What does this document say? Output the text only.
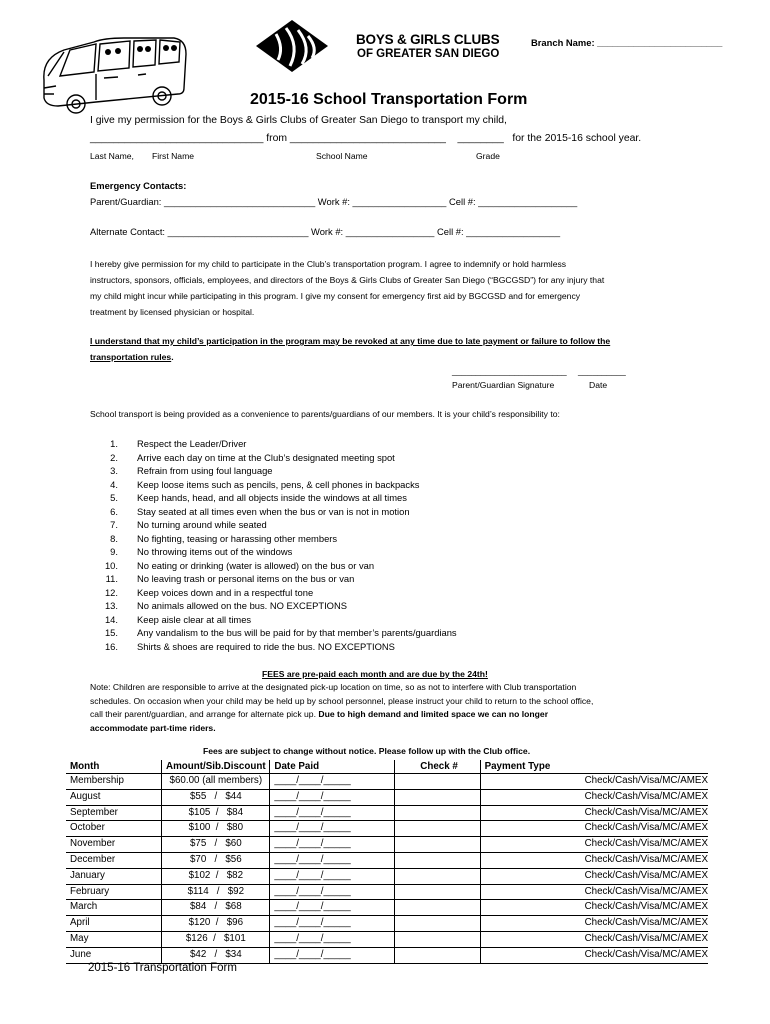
BOYS & GIRLS CLUBS
OF GREATER SAN DIEGO
Branch Name: ________________________
2015-16 School Transportation Form
I give my permission for the Boys & Girls Clubs of Greater San Diego to transport my child,
______________________________ from ___________________________    ________   for the 2015-16 school year.
Last Name, First Name	School Name	Grade
Emergency Contacts:
Parent/Guardian: _____________________________ Work #: __________________ Cell #: ___________________
Alternate Contact: ___________________________ Work #: _________________ Cell #: __________________
I hereby give permission for my child to participate in the Club’s transportation program. I agree to indemnify or hold harmless
instructors, sponsors, officials, employees, and directors of the Boys & Girls Clubs of Greater San Diego (“BGCGSD”) for any injury that
my child might incur while participating in this program. I give my consent for emergency first aid by BGCGSD and for emergency
treatment by licensed physician or hospital.
I understand that my child’s participation in the program may be revoked at any time due to late payment or failure to follow the
transportation rules.
________________________ __________
Parent/Guardian Signature	Date
School transport is being provided as a convenience to parents/guardians of our members. It is your child’s responsibility to:
1. Respect the Leader/Driver
2. Arrive each day on time at the Club’s designated meeting spot
3. Refrain from using foul language
4. Keep loose items such as pencils, pens, & cell phones in backpacks
5. Keep hands, head, and all objects inside the windows at all times
6. Stay seated at all times even when the bus or van is not in motion
7. No turning around while seated
8. No fighting, teasing or harassing other members
9. No throwing items out of the windows
10. No eating or drinking (water is allowed) on the bus or van
11. No leaving trash or personal items on the bus or van
12. Keep voices down and in a respectful tone
13. No animals allowed on the bus. NO EXCEPTIONS
14. Keep aisle clear at all times
15. Any vandalism to the bus will be paid for by that member’s parents/guardians
16. Shirts & shoes are required to ride the bus. NO EXCEPTIONS
FEES are pre-paid each month and are due by the 24th!
Note: Children are responsible to arrive at the designated pick-up location on time, so as not to interfere with Club transportation
schedules. On occasion when your child may be held up by school personnel, please instruct your child to return to the school office,
call their parent/guardian, and arrange for alternate pick up. Due to high demand and limited space we can no longer
accommodate part-time riders.
Fees are subject to change without notice. Please follow up with the Club office.
Month	Amount/Sib.Discount	Date Paid	Check #	Payment Type
Membership	$60.00 (all members)	____/____/_____		Check/Cash/Visa/MC/AMEX
August	$55   /   $44	____/____/_____		Check/Cash/Visa/MC/AMEX
September	$105  /   $84	____/____/_____		Check/Cash/Visa/MC/AMEX
October	$100  /   $80	____/____/_____		Check/Cash/Visa/MC/AMEX
November	$75   /   $60	____/____/_____		Check/Cash/Visa/MC/AMEX
December	$70   /   $56	____/____/_____		Check/Cash/Visa/MC/AMEX
January	$102  /   $82	____/____/_____		Check/Cash/Visa/MC/AMEX
February	$114   /   $92	____/____/_____		Check/Cash/Visa/MC/AMEX
March	$84   /   $68	____/____/_____		Check/Cash/Visa/MC/AMEX
April	$120  /   $96	____/____/_____		Check/Cash/Visa/MC/AMEX
May	$126  /   $101	____/____/_____		Check/Cash/Visa/MC/AMEX
June	$42   /   $34	____/____/_____		Check/Cash/Visa/MC/AMEX
2015-16 Transportation Form
